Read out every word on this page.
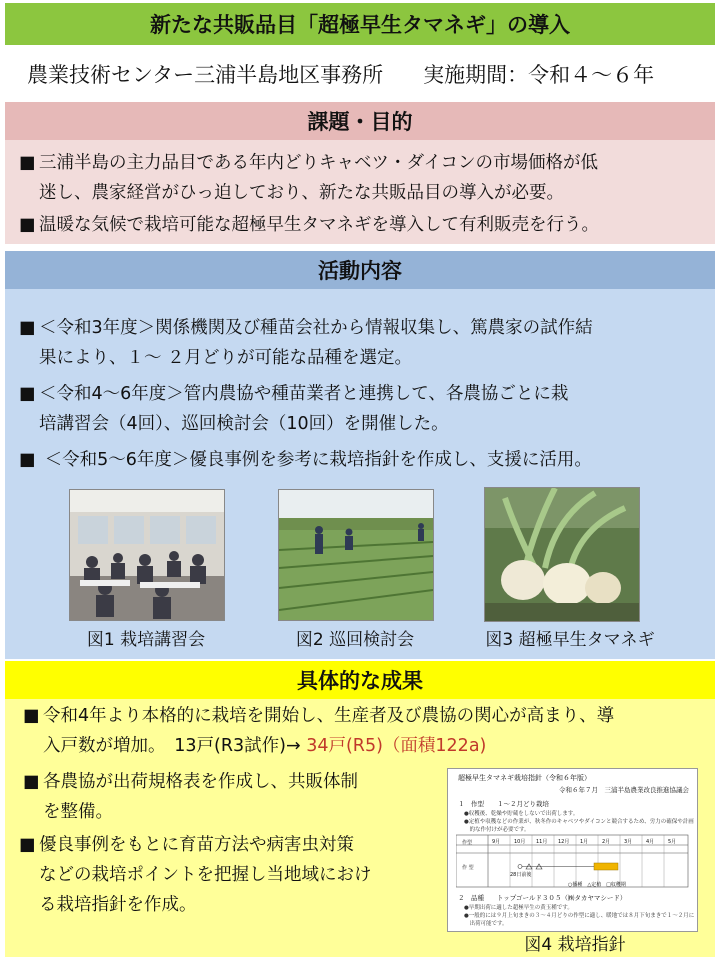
新たな共販品目「超極早生タマネギ」の導入
農業技術センター三浦半島地区事務所 実施期間：令和４～６年
課題・目的
■ 三浦半島の主力品目である年内どりキャベツ・ダイコンの市場価格が低
迷し、農家経営がひっ迫しており、新たな共販品目の導入が必要。
■ 温暖な気候で栽培可能な超極早生タマネギを導入して有利販売を行う。
活動内容
■ ＜令和3年度＞関係機関及び種苗会社から情報収集し、篤農家の試作結
果により、１～ ２月どりが可能な品種を選定。
■ ＜令和4～6年度＞管内農協や種苗業者と連携して、各農協ごとに栽
培講習会（4回）、巡回検討会（10回）を開催した。
■ ＜令和5～6年度＞優良事例を参考に栽培指針を作成し、支援に活用。
図1 栽培講習会	図2 巡回検討会	図3 超極早生タマネギ
具体的な成果
■ 令和4年より本格的に栽培を開始し、生産者及び農協の関心が高まり、導
入戸数が増加。　13戸(R3試作)→ 34戸(R5)（面積122a)
■ 各農協が出荷規格表を作成し、共販体制
を整備。
■ 優良事例をもとに育苗方法や病害虫対策
などの栽培ポイントを把握し当地域におけ
る栽培指針を作成。
図4 栽培指針
超極早生タマネギ栽培指針（令和６年版）
令和６年７月　三浦半島農業改良推進協議会
１　作型　　１～２月どり栽培
●収穫後、乾燥や貯蔵をしないで出荷します。
●定植や収穫などの作業が、秋冬作のキャベツやダイコンと競合するため、労力の確保や計画
　的な作付けが必要です。
作型
作 型
9月	10月 11月 12月 1月	2月	3月	4月	5月
28日前後
○播種　△定植　□収穫期
２　品種　　トップゴールド３０５（㈱タカヤマシード）
●早期出荷に適した超極早生の黄玉種です。
●一般的には９月上旬まきの３～４月どりの作型に適し、暖地では８月下旬まきで１～２月に
　出荷可能です。
